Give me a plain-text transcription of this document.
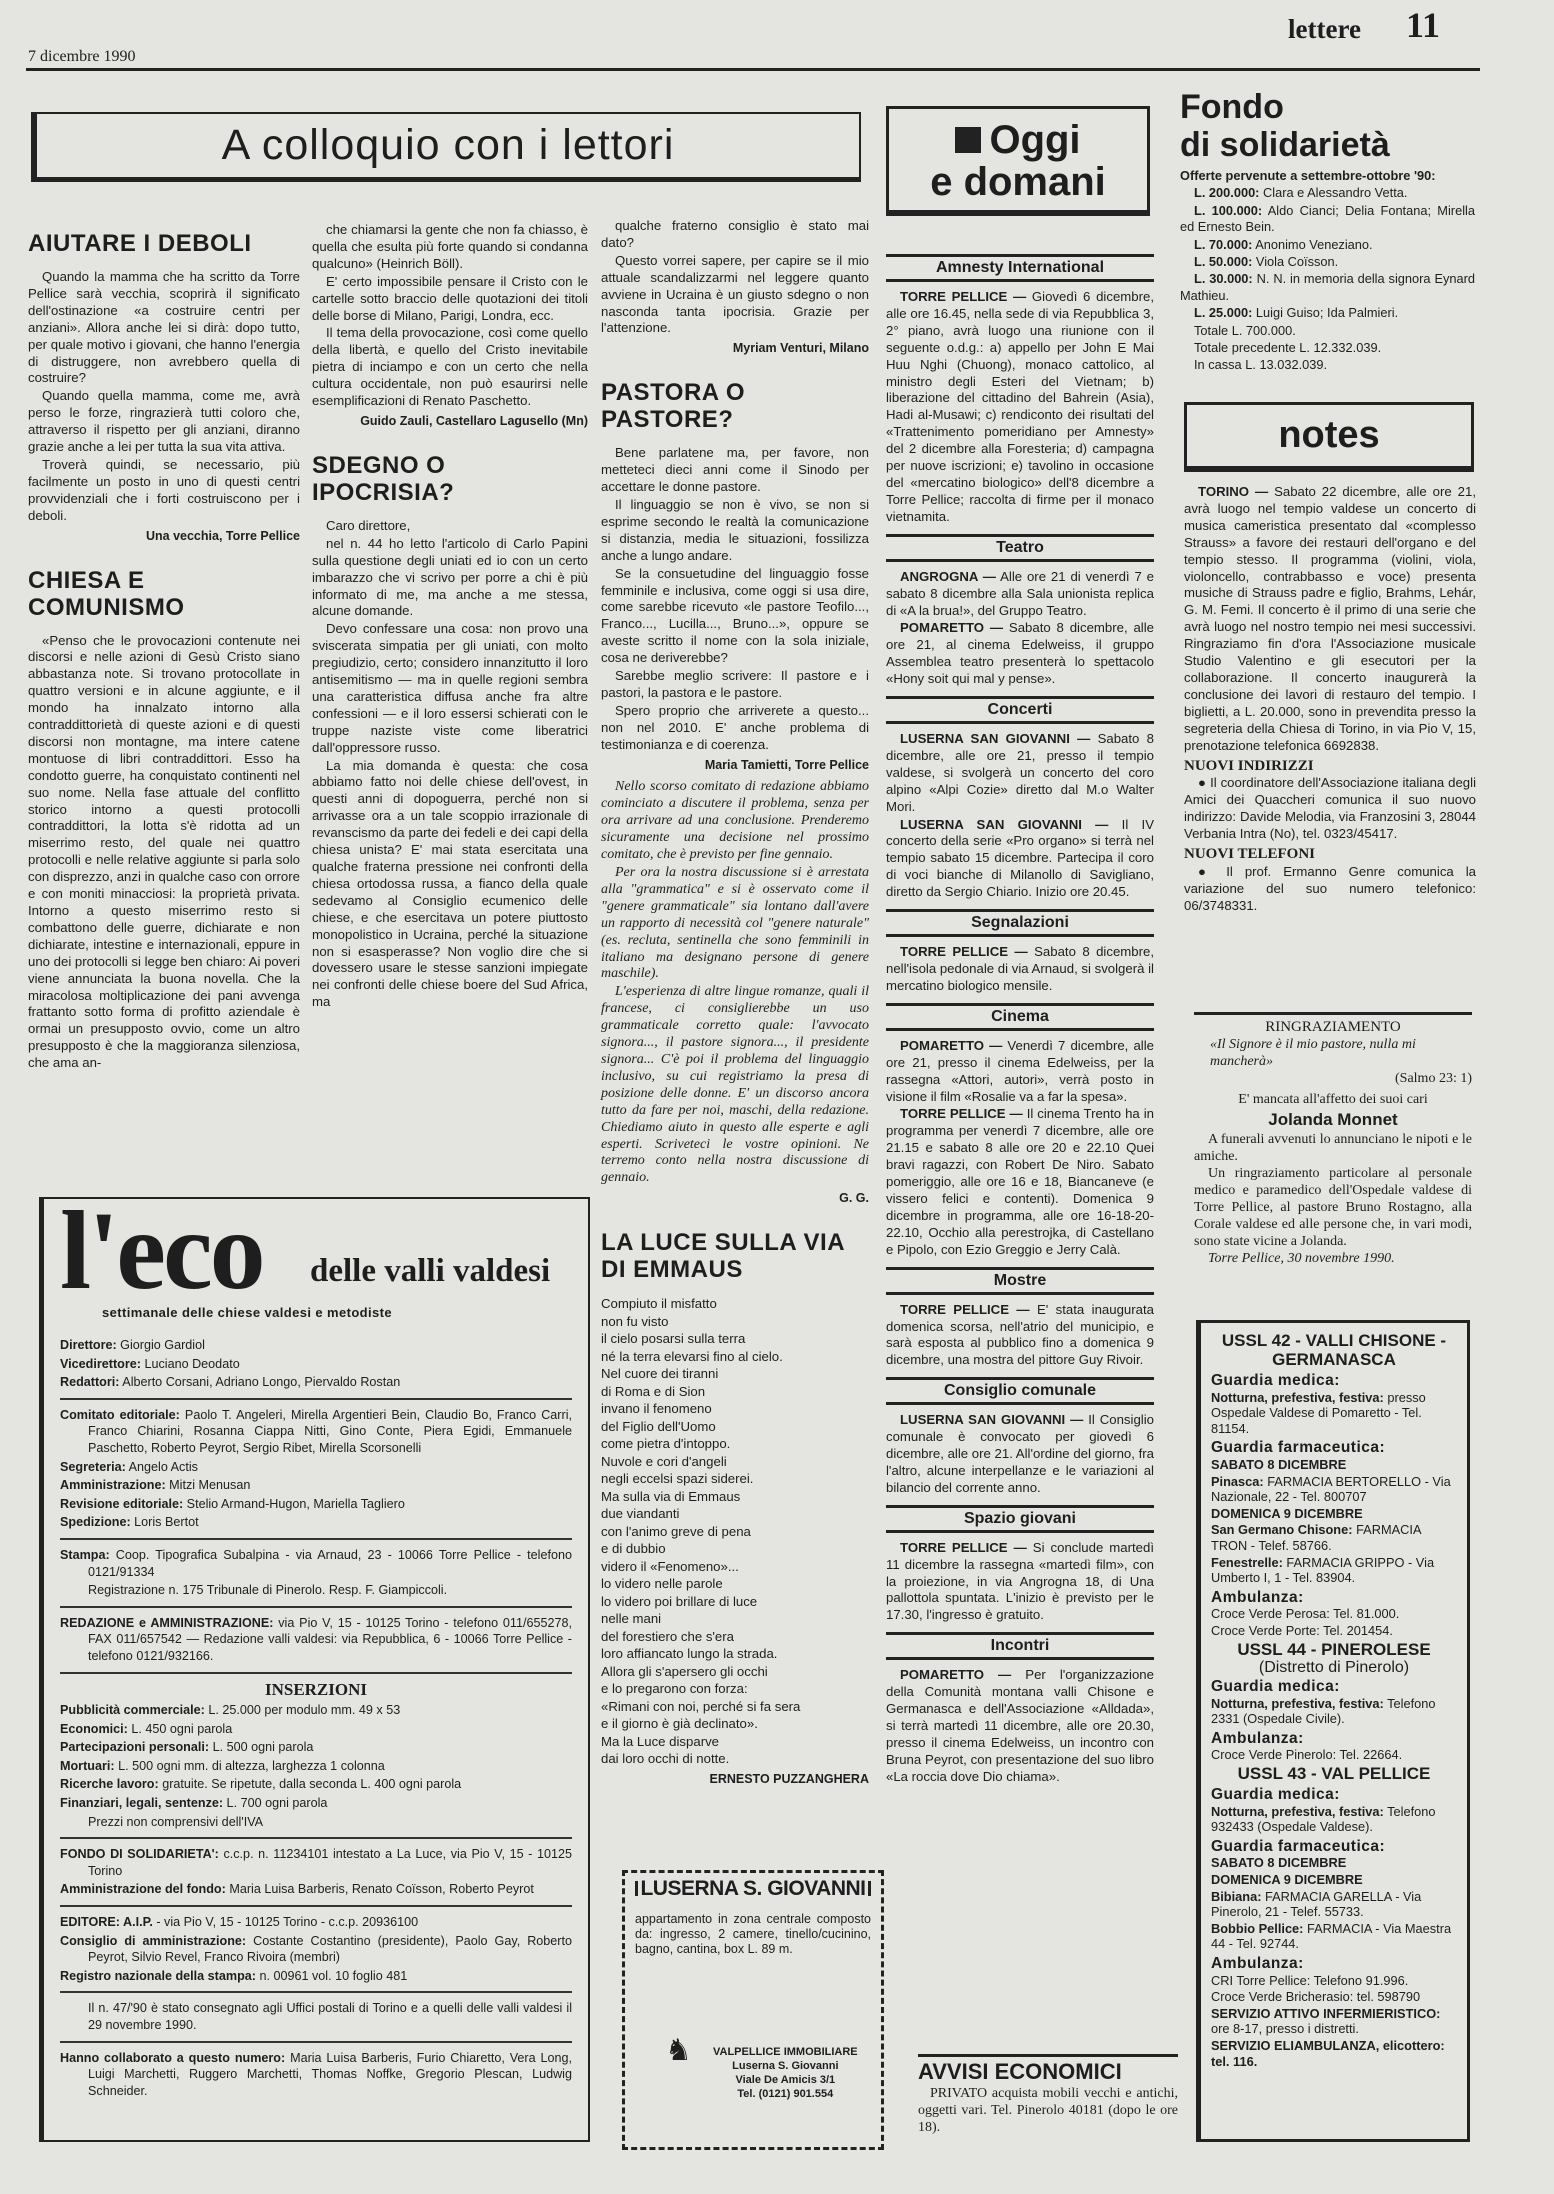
7 dicembre 1990
lettere 11
A colloquio con i lettori
AIUTARE I DEBOLI

Quando la mamma che ha scritto da Torre Pellice sarà vecchia, scoprirà il significato dell'ostinazione «a costruire centri per anziani». Allora anche lei si dirà: dopo tutto, per quale motivo i giovani, che hanno l'energia di distruggere, non avrebbero quella di costruire?

Quando quella mamma, come me, avrà perso le forze, ringrazierà tutti coloro che, attraverso il rispetto per gli anziani, diranno grazie anche a lei per tutta la sua vita attiva.

Troverà quindi, se necessario, più facilmente un posto in uno di questi centri provvidenziali che i forti costruiscono per i deboli.

Una vecchia, Torre Pellice

CHIESA E COMUNISMO

«Penso che le provocazioni contenute nei discorsi e nelle azioni di Gesù Cristo siano abbastanza note. Si trovano protocollate in quattro versioni e in alcune aggiunte, e il mondo ha innalzato intorno alla contraddittorietà di queste azioni e di questi discorsi non montagne, ma intere catene montuose di libri contraddittori. Esso ha condotto guerre, ha conquistato continenti nel suo nome. Nella fase attuale del conflitto storico intorno a questi protocolli contraddittori, la lotta s'è ridotta ad un miserrimo resto, del quale nei quattro protocolli e nelle relative aggiunte si parla solo con disprezzo, anzi in qualche caso con orrore e con moniti minacciosi: la proprietà privata. Intorno a questo miserrimo resto si combattono delle guerre, dichiarate e non dichiarate, intestine e internazionali, eppure in uno dei protocolli si legge ben chiaro: Ai poveri viene annunciata la buona novella. Che la miracolosa moltiplicazione dei pani avvenga frattanto sotto forma di profitto aziendale è ormai un presupposto ovvio, come un altro presupposto è che la maggioranza silenziosa, che ama an-

che chiamarsi la gente che non fa chiasso, è quella che esulta più forte quando si condanna qualcuno» (Heinrich Böll).

E' certo impossibile pensare il Cristo con le cartelle sotto braccio delle quotazioni dei titoli delle borse di Milano, Parigi, Londra, ecc.

Il tema della provocazione, così come quello della libertà, e quello del Cristo inevitabile pietra di inciampo e con un certo che nella cultura occidentale, non può esaurirsi nelle esemplificazioni di Renato Paschetto.

Guido Zauli, Castellaro Lagusello (Mn)

SDEGNO O IPOCRISIA?

Caro direttore,

nel n. 44 ho letto l'articolo di Carlo Papini sulla questione degli uniati ed io con un certo imbarazzo che vi scrivo per porre a chi è più informato di me, ma anche a me stessa, alcune domande.

Devo confessare una cosa: non provo una sviscerata simpatia per gli uniati, con molto pregiudizio, certo; considero innanzitutto il loro antisemitismo — ma in quelle regioni sembra una caratteristica diffusa anche fra altre confessioni — e il loro essersi schierati con le truppe naziste viste come liberatrici dall'oppressore russo.

La mia domanda è questa: che cosa abbiamo fatto noi delle chiese dell'ovest, in questi anni di dopoguerra, perché non si arrivasse ora a un tale scoppio irrazionale di revanscismo da parte dei fedeli e dei capi della chiesa unista? E' mai stata esercitata una qualche fraterna pressione nei confronti della chiesa ortodossa russa, a fianco della quale sedevamo al Consiglio ecumenico delle chiese, e che esercitava un potere piuttosto monopolistico in Ucraina, perché la situazione non si esasperasse? Non voglio dire che si dovessero usare le stesse sanzioni impiegate nei confronti delle chiese boere del Sud Africa, ma

qualche fraterno consiglio è stato mai dato?

Questo vorrei sapere, per capire se il mio attuale scandalizzarmi nel leggere quanto avviene in Ucraina è un giusto sdegno o non nasconda tanta ipocrisia. Grazie per l'attenzione.

Myriam Venturi, Milano

PASTORA O PASTORE?

Bene parlatene ma, per favore, non metteteci dieci anni come il Sinodo per accettare le donne pastore.

Il linguaggio se non è vivo, se non si esprime secondo le realtà la comunicazione si distanzia, media le situazioni, fossilizza anche a lungo andare.

Se la consuetudine del linguaggio fosse femminile e inclusiva, come oggi si usa dire, come sarebbe ricevuto «le pastore Teofilo..., Franco..., Lucilla..., Bruno...», oppure se aveste scritto il nome con la sola iniziale, cosa ne deriverebbe?

Sarebbe meglio scrivere: Il pastore e i pastori, la pastora e le pastore.

Spero proprio che arriverete a questo... non nel 2010. E' anche problema di testimonianza e di coerenza.

Maria Tamietti, Torre Pellice

Nello scorso comitato di redazione abbiamo cominciato a discutere il problema, senza per ora arrivare ad una conclusione. Prenderemo sicuramente una decisione nel prossimo comitato, che è previsto per fine gennaio.

Per ora la nostra discussione si è arrestata alla "grammatica" e si è osservato come il "genere grammaticale" sia lontano dall'avere un rapporto di necessità col "genere naturale" (es. recluta, sentinella che sono femminili in italiano ma designano persone di genere maschile).

L'esperienza di altre lingue romanze, quali il francese, ci consiglierebbe un uso grammaticale corretto quale: l'avvocato signora..., il pastore signora..., il presidente signora... C'è poi il problema del linguaggio inclusivo, su cui registriamo la presa di posizione delle donne. E' un discorso ancora tutto da fare per noi, maschi, della redazione. Chiediamo aiuto in questo alle esperte e agli esperti. Scriveteci le vostre opinioni. Ne terremo conto nella nostra discussione di gennaio.

G. G.

LA LUCE SULLA VIA DI EMMAUS

Compiuto il misfatto

non fu visto

il cielo posarsi sulla terra

né la terra elevarsi fino al cielo.

Nel cuore dei tiranni

di Roma e di Sion

invano il fenomeno

del Figlio dell'Uomo

come pietra d'intoppo.

Nuvole e cori d'angeli

negli eccelsi spazi siderei.

Ma sulla via di Emmaus

due viandanti

con l'animo greve di pena

e di dubbio

videro il «Fenomeno»...

lo videro nelle parole

lo videro poi brillare di luce

nelle mani

del forestiero che s'era

loro affiancato lungo la strada.

Allora gli s'apersero gli occhi

e lo pregarono con forza:

«Rimani con noi, perché si fa sera

e il giorno è già declinato».

Ma la Luce disparve

dai loro occhi di notte.

ERNESTO PUZZANGHERA

l'eco delle valli valdesi
settimanale delle chiese valdesi e metodiste

Direttore: Giorgio Gardiol

Vicedirettore: Luciano Deodato

Redattori: Alberto Corsani, Adriano Longo, Piervaldo Rostan

Comitato editoriale: Paolo T. Angeleri, Mirella Argentieri Bein, Claudio Bo, Franco Carri, Franco Chiarini, Rosanna Ciappa Nitti, Gino Conte, Piera Egidi, Emmanuele Paschetto, Roberto Peyrot, Sergio Ribet, Mirella Scorsonelli

Segreteria: Angelo Actis

Amministrazione: Mitzi Menusan

Revisione editoriale: Stelio Armand-Hugon, Mariella Tagliero

Spedizione: Loris Bertot

Stampa: Coop. Tipografica Subalpina - via Arnaud, 23 - 10066 Torre Pellice - telefono 0121/91334

Registrazione n. 175 Tribunale di Pinerolo. Resp. F. Giampiccoli.

REDAZIONE e AMMINISTRAZIONE: via Pio V, 15 - 10125 Torino - telefono 011/655278, FAX 011/657542 — Redazione valli valdesi: via Repubblica, 6 - 10066 Torre Pellice - telefono 0121/932166.

INSERZIONI

Pubblicità commerciale: L. 25.000 per modulo mm. 49 x 53

Economici: L. 450 ogni parola

Partecipazioni personali: L. 500 ogni parola

Mortuari: L. 500 ogni mm. di altezza, larghezza 1 colonna

Ricerche lavoro: gratuite. Se ripetute, dalla seconda L. 400 ogni parola

Finanziari, legali, sentenze: L. 700 ogni parola

Prezzi non comprensivi dell'IVA

FONDO DI SOLIDARIETA': c.c.p. n. 11234101 intestato a La Luce, via Pio V, 15 - 10125 Torino

Amministrazione del fondo: Maria Luisa Barberis, Renato Coïsson, Roberto Peyrot

EDITORE: A.I.P. - via Pio V, 15 - 10125 Torino - c.c.p. 20936100

Consiglio di amministrazione: Costante Costantino (presidente), Paolo Gay, Roberto Peyrot, Silvio Revel, Franco Rivoira (membri)

Registro nazionale della stampa: n. 00961 vol. 10 foglio 481

Il n. 47/'90 è stato consegnato agli Uffici postali di Torino e a quelli delle valli valdesi il 29 novembre 1990.

Hanno collaborato a questo numero: Maria Luisa Barberis, Furio Chiaretto, Vera Long, Luigi Marchetti, Ruggero Marchetti, Thomas Noffke, Gregorio Plescan, Ludwig Schneider.

LUSERNA S. GIOVANNI
appartamento in zona centrale composto da: ingresso, 2 camere, tinello/cucinino, bagno, cantina, box L. 89 m.
♞ VALPELLICE IMMOBILIARE
Luserna S. Giovanni
Viale De Amicis 3/1
Tel. (0121) 901.554
Oggi
e domani
Amnesty International

TORRE PELLICE — Giovedì 6 dicembre, alle ore 16.45, nella sede di via Repubblica 3, 2° piano, avrà luogo una riunione con il seguente o.d.g.: a) appello per John E Mai Huu Nghi (Chuong), monaco cattolico, al ministro degli Esteri del Vietnam; b) liberazione del cittadino del Bahrein (Asia), Hadi al-Musawi; c) rendiconto dei risultati del «Trattenimento pomeridiano per Amnesty» del 2 dicembre alla Foresteria; d) campagna per nuove iscrizioni; e) tavolino in occasione del «mercatino biologico» dell'8 dicembre a Torre Pellice; raccolta di firme per il monaco vietnamita.

Teatro

ANGROGNA — Alle ore 21 di venerdì 7 e sabato 8 dicembre alla Sala unionista replica di «A la brua!», del Gruppo Teatro.

POMARETTO — Sabato 8 dicembre, alle ore 21, al cinema Edelweiss, il gruppo Assemblea teatro presenterà lo spettacolo «Hony soit qui mal y pense».

Concerti

LUSERNA SAN GIOVANNI — Sabato 8 dicembre, alle ore 21, presso il tempio valdese, si svolgerà un concerto del coro alpino «Alpi Cozie» diretto dal M.o Walter Mori.

LUSERNA SAN GIOVANNI — Il IV concerto della serie «Pro organo» si terrà nel tempio sabato 15 dicembre. Partecipa il coro di voci bianche di Milanollo di Savigliano, diretto da Sergio Chiario. Inizio ore 20.45.

Segnalazioni

TORRE PELLICE — Sabato 8 dicembre, nell'isola pedonale di via Arnaud, si svolgerà il mercatino biologico mensile.

Cinema

POMARETTO — Venerdì 7 dicembre, alle ore 21, presso il cinema Edelweiss, per la rassegna «Attori, autori», verrà posto in visione il film «Rosalie va a far la spesa».

TORRE PELLICE — Il cinema Trento ha in programma per venerdì 7 dicembre, alle ore 21.15 e sabato 8 alle ore 20 e 22.10 Quei bravi ragazzi, con Robert De Niro. Sabato pomeriggio, alle ore 16 e 18, Biancaneve (e vissero felici e contenti). Domenica 9 dicembre in programma, alle ore 16-18-20-22.10, Occhio alla perestrojka, di Castellano e Pipolo, con Ezio Greggio e Jerry Calà.

Mostre

TORRE PELLICE — E' stata inaugurata domenica scorsa, nell'atrio del municipio, e sarà esposta al pubblico fino a domenica 9 dicembre, una mostra del pittore Guy Rivoir.

Consiglio comunale

LUSERNA SAN GIOVANNI — Il Consiglio comunale è convocato per giovedì 6 dicembre, alle ore 21. All'ordine del giorno, fra l'altro, alcune interpellanze e le variazioni al bilancio del corrente anno.

Spazio giovani

TORRE PELLICE — Si conclude martedì 11 dicembre la rassegna «martedì film», con la proiezione, in via Angrogna 18, di Una pallottola spuntata. L'inizio è previsto per le 17.30, l'ingresso è gratuito.

Incontri

POMARETTO — Per l'organizzazione della Comunità montana valli Chisone e Germanasca e dell'Associazione «Alldada», si terrà martedì 11 dicembre, alle ore 20.30, presso il cinema Edelweiss, un incontro con Bruna Peyrot, con presentazione del suo libro «La roccia dove Dio chiama».

AVVISI ECONOMICI
PRIVATO acquista mobili vecchi e antichi, oggetti vari. Tel. Pinerolo 40181 (dopo le ore 18).
Fondo
di solidarietà

Offerte pervenute a settembre-ottobre '90:

L. 200.000: Clara e Alessandro Vetta.

L. 100.000: Aldo Cianci; Delia Fontana; Mirella ed Ernesto Bein.

L. 70.000: Anonimo Veneziano.

L. 50.000: Viola Coïsson.

L. 30.000: N. N. in memoria della signora Eynard Mathieu.

L. 25.000: Luigi Guiso; Ida Palmieri.

Totale L. 700.000.

Totale precedente L. 12.332.039.

In cassa L. 13.032.039.

notes

TORINO — Sabato 22 dicembre, alle ore 21, avrà luogo nel tempio valdese un concerto di musica cameristica presentato dal «complesso Strauss» a favore dei restauri dell'organo e del tempio stesso. Il programma (violini, viola, violoncello, contrabbasso e voce) presenta musiche di Strauss padre e figlio, Brahms, Lehár, G. M. Femi. Il concerto è il primo di una serie che avrà luogo nel nostro tempio nei mesi successivi. Ringraziamo fin d'ora l'Associazione musicale Studio Valentino e gli esecutori per la collaborazione. Il concerto inaugurerà la conclusione dei lavori di restauro del tempio. I biglietti, a L. 20.000, sono in prevendita presso la segreteria della Chiesa di Torino, in via Pio V, 15, prenotazione telefonica 6692838.

NUOVI INDIRIZZI

● Il coordinatore dell'Associazione italiana degli Amici dei Quaccheri comunica il suo nuovo indirizzo: Davide Melodia, via Franzosini 3, 28044 Verbania Intra (No), tel. 0323/45417.

NUOVI TELEFONI

● Il prof. Ermanno Genre comunica la variazione del suo numero telefonico: 06/3748331.

RINGRAZIAMENTO
«Il Signore è il mio pastore, nulla mi mancherà»
(Salmo 23: 1)
E' mancata all'affetto dei suoi cari
Jolanda Monnet
A funerali avvenuti lo annunciano le nipoti e le amiche.
Un ringraziamento particolare al personale medico e paramedico dell'Ospedale valdese di Torre Pellice, al pastore Bruno Rostagno, alla Corale valdese ed alle persone che, in vari modi, sono state vicine a Jolanda.
Torre Pellice, 30 novembre 1990.

USSL 42 - VALLI CHISONE - GERMANASCA

Guardia medica:

Notturna, prefestiva, festiva: presso Ospedale Valdese di Pomaretto - Tel. 81154.

Guardia farmaceutica:

SABATO 8 DICEMBRE

Pinasca: FARMACIA BERTORELLO - Via Nazionale, 22 - Tel. 800707

DOMENICA 9 DICEMBRE

San Germano Chisone: FARMACIA TRON - Telef. 58766.

Fenestrelle: FARMACIA GRIPPO - Via Umberto I, 1 - Tel. 83904.

Ambulanza:

Croce Verde Perosa: Tel. 81.000.

Croce Verde Porte: Tel. 201454.

USSL 44 - PINEROLESE

(Distretto di Pinerolo)

Guardia medica:

Notturna, prefestiva, festiva: Telefono 2331 (Ospedale Civile).

Ambulanza:

Croce Verde Pinerolo: Tel. 22664.

USSL 43 - VAL PELLICE

Guardia medica:

Notturna, prefestiva, festiva: Telefono 932433 (Ospedale Valdese).

Guardia farmaceutica:

SABATO 8 DICEMBRE

DOMENICA 9 DICEMBRE

Bibiana: FARMACIA GARELLA - Via Pinerolo, 21 - Telef. 55733.

Bobbio Pellice: FARMACIA - Via Maestra 44 - Tel. 92744.

Ambulanza:

CRI Torre Pellice: Telefono 91.996.

Croce Verde Bricherasio: tel. 598790

SERVIZIO ATTIVO INFERMIERISTICO: ore 8-17, presso i distretti.

SERVIZIO ELIAMBULANZA, elicottero: tel. 116.
